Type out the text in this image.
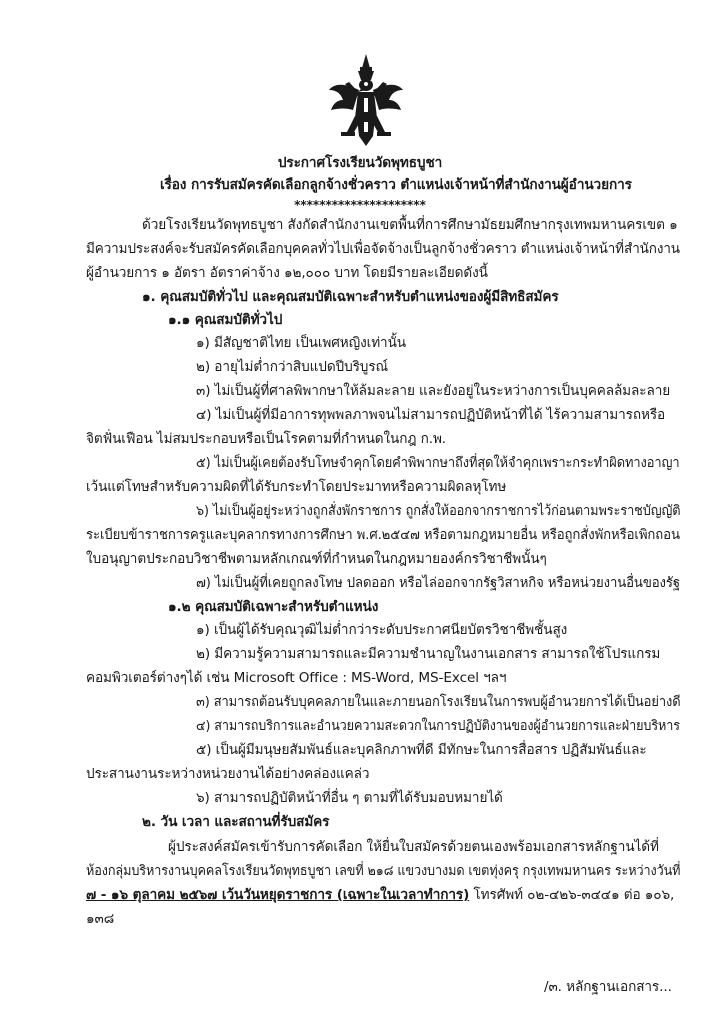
ประกาศโรงเรียนวัดพุทธบูชา
เรื่อง การรับสมัครคัดเลือกลูกจ้างชั่วคราว ตำแหน่งเจ้าหน้าที่สำนักงานผู้อำนวยการ
*********************
ด้วยโรงเรียนวัดพุทธบูชา สังกัดสำนักงานเขตพื้นที่การศึกษามัธยมศึกษากรุงเทพมหานครเขต ๑
มีความประสงค์จะรับสมัครคัดเลือกบุคคลทั่วไปเพื่อจัดจ้างเป็นลูกจ้างชั่วคราว ตำแหน่งเจ้าหน้าที่สำนักงาน
ผู้อำนวยการ ๑ อัตรา อัตราค่าจ้าง ๑๒,๐๐๐ บาท โดยมีรายละเอียดดังนี้
๑. คุณสมบัติทั่วไป และคุณสมบัติเฉพาะสำหรับตำแหน่งของผู้มีสิทธิสมัคร
๑.๑ คุณสมบัติทั่วไป
๑) มีสัญชาติไทย เป็นเพศหญิงเท่านั้น
๒) อายุไม่ต่ำกว่าสิบแปดปีบริบูรณ์
๓) ไม่เป็นผู้ที่ศาลพิพากษาให้ล้มละลาย และยังอยู่ในระหว่างการเป็นบุคคลล้มละลาย
๔) ไม่เป็นผู้ที่มีอาการทุพพลภาพจนไม่สามารถปฏิบัติหน้าที่ได้ ไร้ความสามารถหรือ
จิตฟั่นเฟือน ไม่สมประกอบหรือเป็นโรคตามที่กำหนดในกฎ ก.พ.
๕) ไม่เป็นผู้เคยต้องรับโทษจำคุกโดยคำพิพากษาถึงที่สุดให้จำคุกเพราะกระทำผิดทางอาญา
เว้นแต่โทษสำหรับความผิดที่ได้รับกระทำโดยประมาทหรือความผิดลหุโทษ
๖) ไม่เป็นผู้อยู่ระหว่างถูกสั่งพักราชการ ถูกสั่งให้ออกจากราชการไว้ก่อนตามพระราชบัญญัติ
ระเบียบข้าราชการครูและบุคลากรทางการศึกษา พ.ศ.๒๕๔๗ หรือตามกฎหมายอื่น หรือถูกสั่งพักหรือเพิกถอน
ใบอนุญาตประกอบวิชาชีพตามหลักเกณฑ์ที่กำหนดในกฎหมายองค์กรวิชาชีพนั้นๆ
๗) ไม่เป็นผู้ที่เคยถูกลงโทษ ปลดออก หรือไล่ออกจากรัฐวิสาหกิจ หรือหน่วยงานอื่นของรัฐ
๑.๒ คุณสมบัติเฉพาะสำหรับตำแหน่ง
๑) เป็นผู้ได้รับคุณวุฒิไม่ต่ำกว่าระดับประกาศนียบัตรวิชาชีพชั้นสูง
๒) มีความรู้ความสามารถและมีความชำนาญในงานเอกสาร สามารถใช้โปรแกรม
คอมพิวเตอร์ต่างๆได้ เช่น Microsoft Office : MS-Word, MS-Excel ฯลฯ
๓) สามารถต้อนรับบุคคลภายในและภายนอกโรงเรียนในการพบผู้อำนวยการได้เป็นอย่างดี
๔) สามารถบริการและอำนวยความสะดวกในการปฏิบัติงานของผู้อำนวยการและฝ่ายบริหาร
๕) เป็นผู้มีมนุษยสัมพันธ์และบุคลิกภาพที่ดี มีทักษะในการสื่อสาร ปฏิสัมพันธ์และ
ประสานงานระหว่างหน่วยงานได้อย่างคล่องแคล่ว
๖) สามารถปฏิบัติหน้าที่อื่น ๆ ตามที่ได้รับมอบหมายได้
๒. วัน เวลา และสถานที่รับสมัคร
ผู้ประสงค์สมัครเข้ารับการคัดเลือก ให้ยื่นใบสมัครด้วยตนเองพร้อมเอกสารหลักฐานได้ที่
ห้องกลุ่มบริหารงานบุคคลโรงเรียนวัดพุทธบูชา เลขที่ ๒๑๘ แขวงบางมด เขตทุ่งครุ กรุงเทพมหานคร ระหว่างวันที่
๗ - ๑๖ ตุลาคม ๒๕๖๗ เว้นวันหยุดราชการ (เฉพาะในเวลาทำการ) โทรศัพท์ ๐๒-๔๒๖-๓๔๔๑ ต่อ ๑๐๖,
๑๓๘
/๓. หลักฐานเอกสาร...
